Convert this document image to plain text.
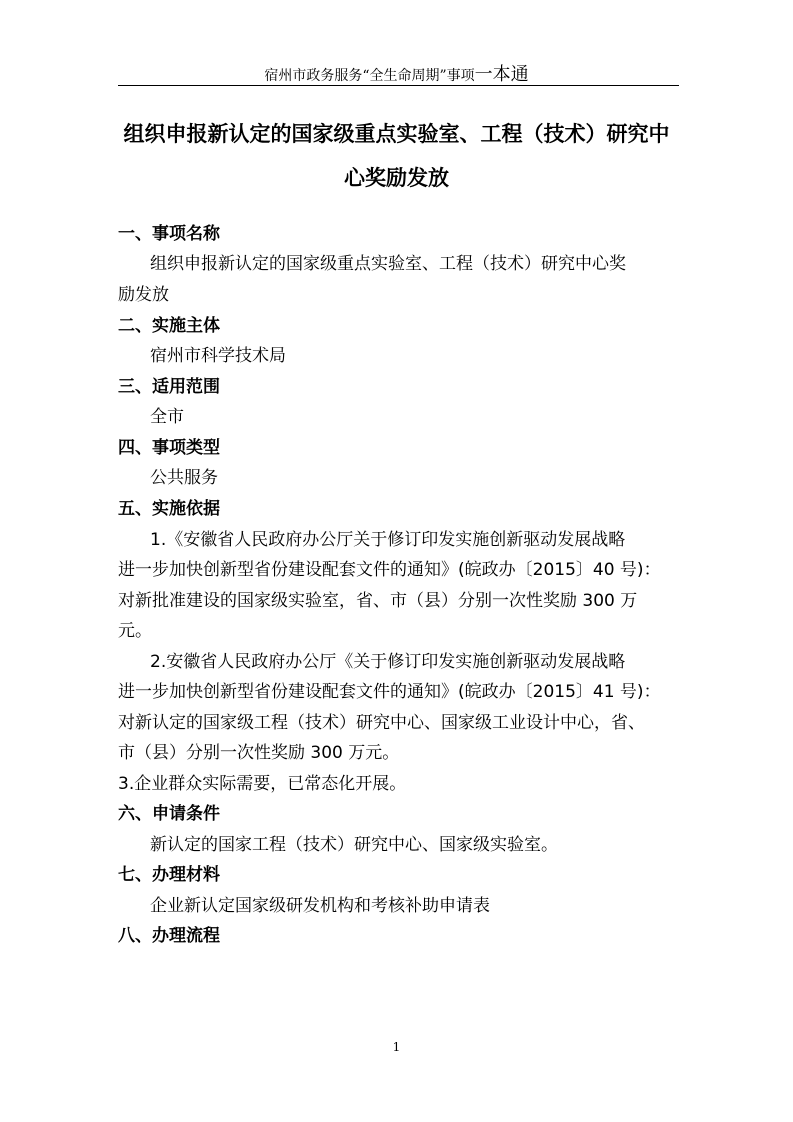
宿州市政务服务“全生命周期”事项一本通
组织申报新认定的国家级重点实验室、工程（技术）研究中
心奖励发放
一、事项名称
组织申报新认定的国家级重点实验室、工程（技术）研究中心奖
励发放
二、实施主体
宿州市科学技术局
三、适用范围
全市
四、事项类型
公共服务
五、实施依据
1.《安徽省人民政府办公厅关于修订印发实施创新驱动发展战略
进一步加快创新型省份建设配套文件的通知》(皖政办〔2015〕40 号)：
对新批准建设的国家级实验室，省、市（县）分别一次性奖励 300 万
元。
2.安徽省人民政府办公厅《关于修订印发实施创新驱动发展战略
进一步加快创新型省份建设配套文件的通知》(皖政办〔2015〕41 号)：
对新认定的国家级工程（技术）研究中心、国家级工业设计中心，省、
市（县）分别一次性奖励 300 万元。
3.企业群众实际需要，已常态化开展。
六、申请条件
新认定的国家工程（技术）研究中心、国家级实验室。
七、办理材料
企业新认定国家级研发机构和考核补助申请表
八、办理流程
1
